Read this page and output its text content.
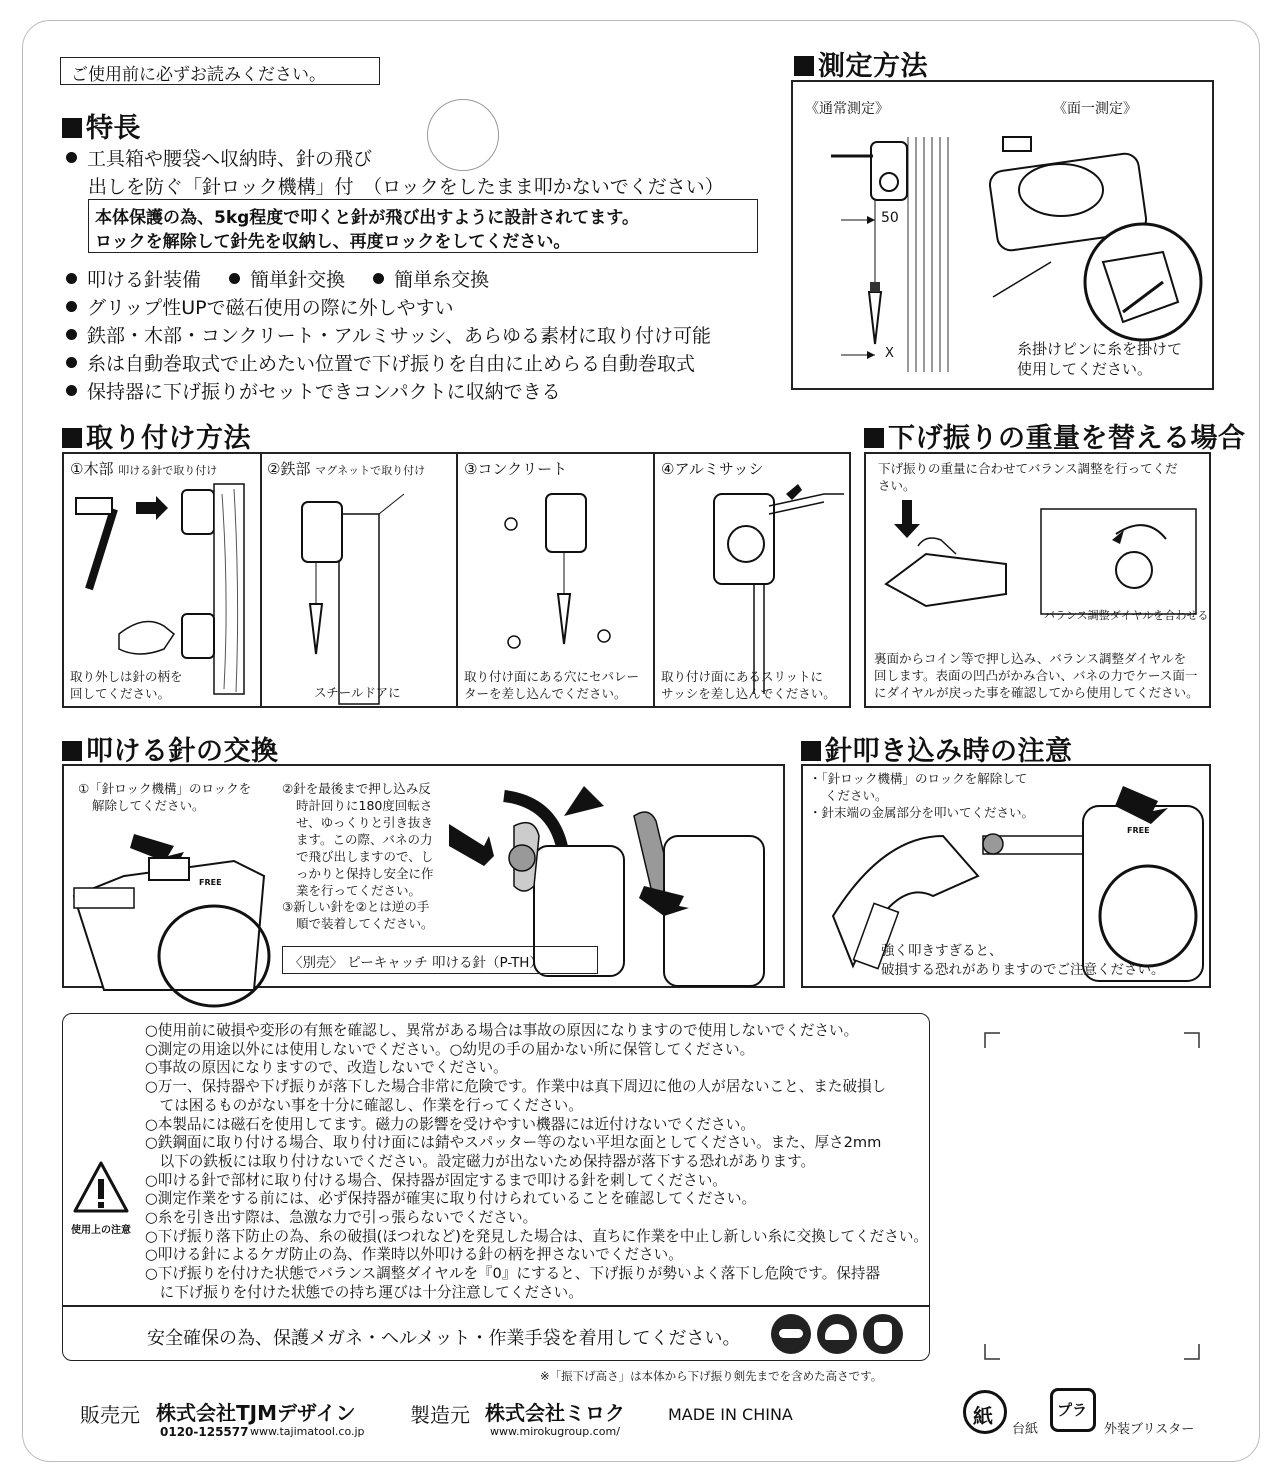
ご使用前に必ずお読みください。
特長
工具箱や腰袋へ収納時、針の飛び
出しを防ぐ「針ロック機構」付　（ロックをしたまま叩かないでください）
本体保護の為、5kg程度で叩くと針が飛び出すように設計されてます。
ロックを解除して針先を収納し、再度ロックをしてください。
叩ける針装備	簡単針交換	簡単糸交換
グリップ性UPで磁石使用の際に外しやすい
鉄部・木部・コンクリート・アルミサッシ、あらゆる素材に取り付け可能
糸は自動巻取式で止めたい位置で下げ振りを自由に止めらる自動巻取式
保持器に下げ振りがセットできコンパクトに収納できる
測定方法
《通常測定》	《面一測定》
50
X	糸掛けピンに糸を掛けて
使用してください。
取り付け方法
①木部 叩ける針で取り付け	②鉄部 マグネットで取り付け	③コンクリート	④アルミサッシ
取り外しは針の柄を
回してください。	スチールドアに
取り付け面にある穴にセパレー
ターを差し込んでください。
取り付け面にあるスリットに
サッシを差し込んでください。
下げ振りの重量を替える場合
下げ振りの重量に合わせてバランス調整を行ってくだ
さい。
バランス調整ダイヤルを合わせる
裏面からコイン等で押し込み、バランス調整ダイヤルを
回します。表面の凹凸がかみ合い、バネの力でケース面一
にダイヤルが戻った事を確認してから使用してください。
叩ける針の交換
①「針ロック機構」のロックを
解除してください。
②針を最後まで押し込み反
時計回りに180度回転さ
せ、ゆっくりと引き抜き
ます。この際、バネの力
で飛び出しますので、し
っかりと保持し安全に作
業を行ってください。
③新しい針を②とは逆の手
順で装着してください。
FREE
〈別売〉 ピーキャッチ 叩ける針（P-TH）
針叩き込み時の注意
・「針ロック機構」のロックを解除して
ください。
・針末端の金属部分を叩いてください。
FREE
強く叩きすぎると、
破損する恐れがありますのでご注意ください。
使用上の注意

○使用前に破損や変形の有無を確認し、異常がある場合は事故の原因になりますので使用しないでください。

○測定の用途以外には使用しないでください。○幼児の手の届かない所に保管してください。

○事故の原因になりますので、改造しないでください。

○万一、保持器や下げ振りが落下した場合非常に危険です。作業中は真下周辺に他の人が居ないこと、また破損し

　ては困るものがない事を十分に確認し、作業を行ってください。

○本製品には磁石を使用してます。磁力の影響を受けやすい機器には近付けないでください。

○鉄鋼面に取り付ける場合、取り付け面には錆やスパッター等のない平坦な面としてください。また、厚さ2mm

　以下の鉄板には取り付けないでください。設定磁力が出ないため保持器が落下する恐れがあります。

○叩ける針で部材に取り付ける場合、保持器が固定するまで叩ける針を刺してください。

○測定作業をする前には、必ず保持器が確実に取り付けられていることを確認してください。

○糸を引き出す際は、急激な力で引っ張らないでください。

○下げ振り落下防止の為、糸の破損(ほつれなど)を発見した場合は、直ちに作業を中止し新しい糸に交換してください。

○叩ける針によるケガ防止の為、作業時以外叩ける針の柄を押さないでください。

○下げ振りを付けた状態でバランス調整ダイヤルを『0』にすると、下げ振りが勢いよく落下し危険です。保持器

　に下げ振りを付けた状態での持ち運びは十分注意してください。

安全確保の為、保護メガネ・ヘルメット・作業手袋を着用してください。
※「振下げ高さ」は本体から下げ振り剣先までを含めた高さです。
販売元 株式会社TJMデザイン
0120-125577 www.tajimatool.co.jp
製造元 株式会社ミロク
www.mirokugroup.com/
MADE IN CHINA	紙
台紙
プラ
外装ブリスター
